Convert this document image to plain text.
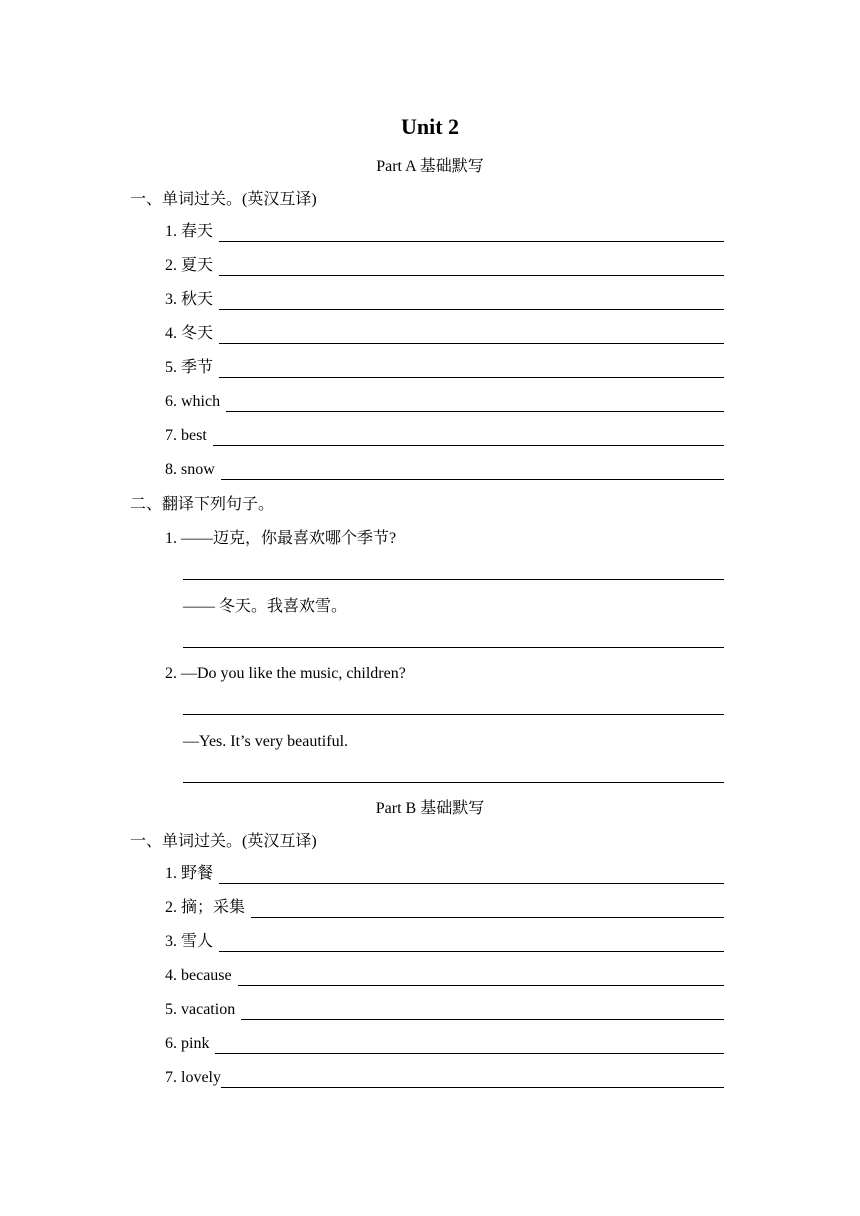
Unit 2
Part A 基础默写
一、单词过关。(英汉互译)
1. 春天
2. 夏天
3. 秋天
4. 冬天
5. 季节
6. which
7. best
8. snow
二、翻译下列句子。
1. ——迈克，你最喜欢哪个季节?
—— 冬天。我喜欢雪。
2. —Do you like the music, children?
—Yes. It’s very beautiful.
Part B 基础默写
一、单词过关。(英汉互译)
1. 野餐
2. 摘；采集
3. 雪人
4. because
5. vacation
6. pink
7. lovely
